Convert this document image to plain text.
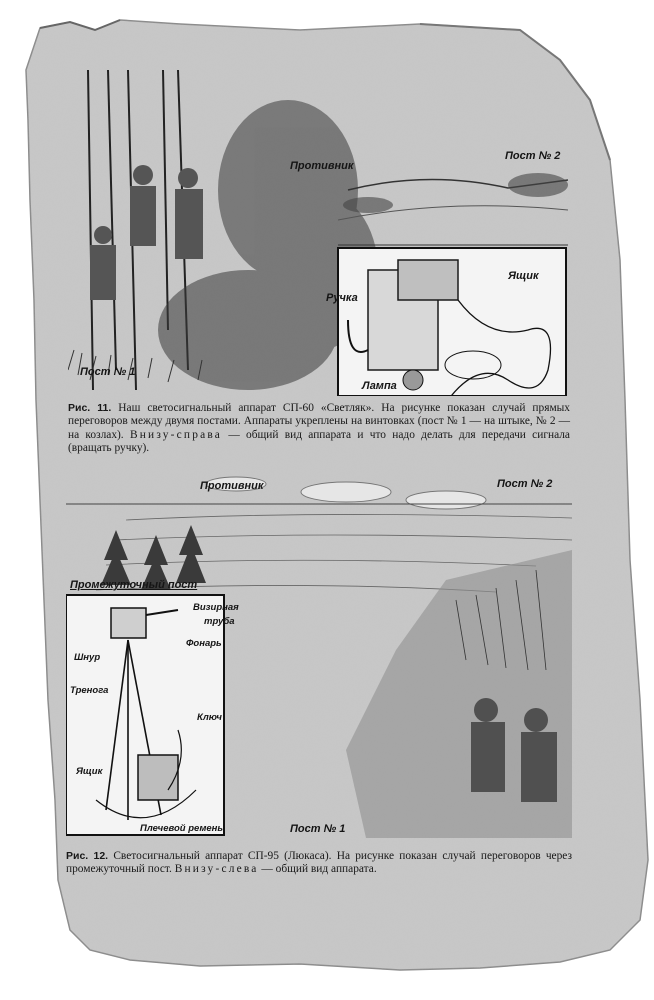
Противник
Пост № 2
Пост № 1
Ручка
Ящик
Лампа

Рис. 11. Наш светосигнальный аппарат СП-60 «Светляк». На рисунке показан случай прямых переговоров между двумя постами. Аппараты укреплены на винтовках (пост № 1 — на штыке, № 2 — на козлах). Внизу-справа — общий вид аппарата и что надо делать для передачи сигнала (вращать ручку).

Противник	Пост № 2
Промежуточный пост
Визирная
труба
Фонарь
Шнур
Тренога
Ключ
Ящик
Плечевой ремень	Пост № 1

Рис. 12. Светосигнальный аппарат СП-95 (Люкаса). На рисунке показан случай переговоров через промежуточный пост. Внизу-слева — общий вид аппарата.
